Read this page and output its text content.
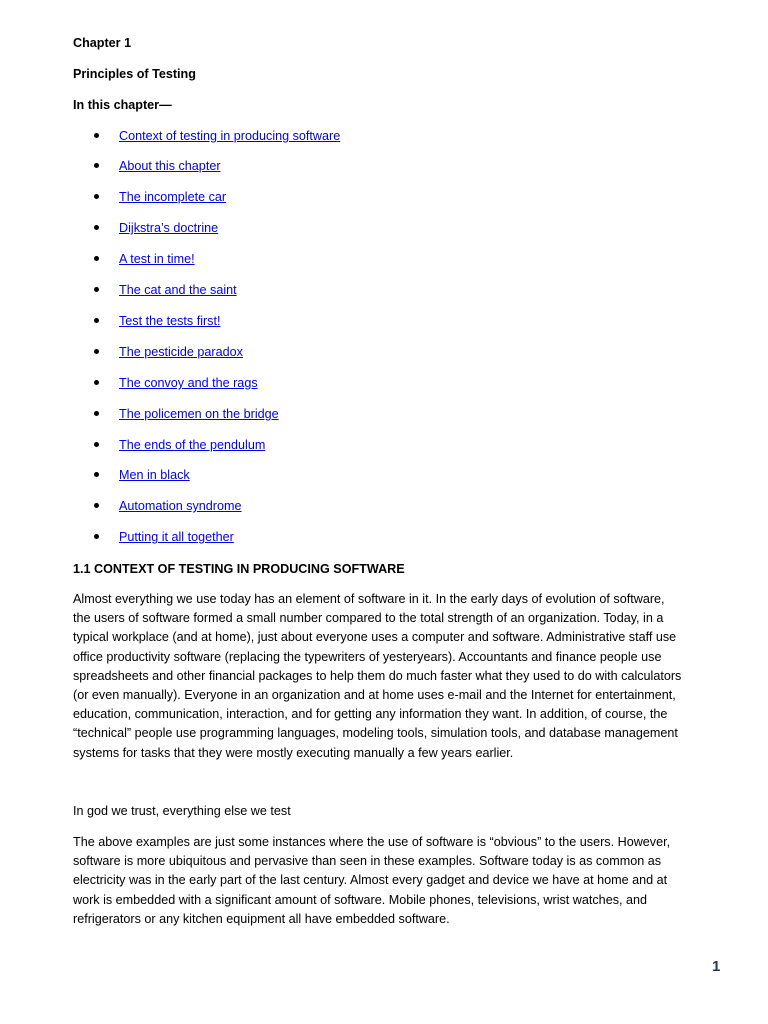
Chapter 1
Principles of Testing
In this chapter—
Context of testing in producing software
About this chapter
The incomplete car
Dijkstra’s doctrine
A test in time!
The cat and the saint
Test the tests first!
The pesticide paradox
The convoy and the rags
The policemen on the bridge
The ends of the pendulum
Men in black
Automation syndrome
Putting it all together
1.1 CONTEXT OF TESTING IN PRODUCING SOFTWARE
Almost everything we use today has an element of software in it. In the early days of evolution of software,
the users of software formed a small number compared to the total strength of an organization. Today, in a
typical workplace (and at home), just about everyone uses a computer and software. Administrative staff use
office productivity software (replacing the typewriters of yesteryears). Accountants and finance people use
spreadsheets and other financial packages to help them do much faster what they used to do with calculators
(or even manually). Everyone in an organization and at home uses e-mail and the Internet for entertainment,
education, communication, interaction, and for getting any information they want. In addition, of course, the
“technical” people use programming languages, modeling tools, simulation tools, and database management
systems for tasks that they were mostly executing manually a few years earlier.
In god we trust, everything else we test
The above examples are just some instances where the use of software is “obvious” to the users. However,
software is more ubiquitous and pervasive than seen in these examples. Software today is as common as
electricity was in the early part of the last century. Almost every gadget and device we have at home and at
work is embedded with a significant amount of software. Mobile phones, televisions, wrist watches, and
refrigerators or any kitchen equipment all have embedded software.
1
